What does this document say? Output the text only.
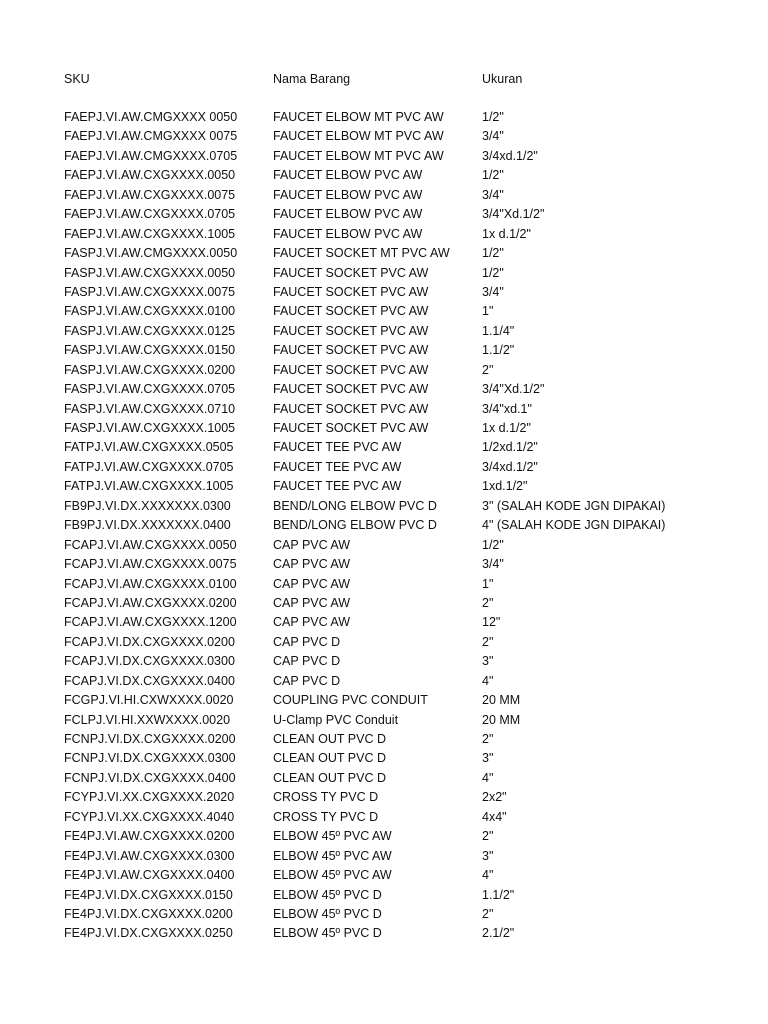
SKU	Nama Barang	Ukuran
FAEPJ.VI.AW.CMGXXXX 0050	FAUCET ELBOW MT PVC AW	1/2"
FAEPJ.VI.AW.CMGXXXX 0075	FAUCET ELBOW MT PVC AW	3/4"
FAEPJ.VI.AW.CMGXXXX.0705	FAUCET ELBOW MT PVC AW	3/4xd.1/2"
FAEPJ.VI.AW.CXGXXXX.0050	FAUCET ELBOW PVC AW	1/2"
FAEPJ.VI.AW.CXGXXXX.0075	FAUCET ELBOW PVC AW	3/4"
FAEPJ.VI.AW.CXGXXXX.0705	FAUCET ELBOW PVC AW	3/4"Xd.1/2"
FAEPJ.VI.AW.CXGXXXX.1005	FAUCET ELBOW PVC AW	1x d.1/2"
FASPJ.VI.AW.CMGXXXX.0050	FAUCET SOCKET MT PVC AW	1/2"
FASPJ.VI.AW.CXGXXXX.0050	FAUCET SOCKET PVC AW	1/2"
FASPJ.VI.AW.CXGXXXX.0075	FAUCET SOCKET PVC AW	3/4"
FASPJ.VI.AW.CXGXXXX.0100	FAUCET SOCKET PVC AW	1"
FASPJ.VI.AW.CXGXXXX.0125	FAUCET SOCKET PVC AW	1.1/4"
FASPJ.VI.AW.CXGXXXX.0150	FAUCET SOCKET PVC AW	1.1/2"
FASPJ.VI.AW.CXGXXXX.0200	FAUCET SOCKET PVC AW	2"
FASPJ.VI.AW.CXGXXXX.0705	FAUCET SOCKET PVC AW	3/4"Xd.1/2"
FASPJ.VI.AW.CXGXXXX.0710	FAUCET SOCKET PVC AW	3/4"xd.1"
FASPJ.VI.AW.CXGXXXX.1005	FAUCET SOCKET PVC AW	1x d.1/2"
FATPJ.VI.AW.CXGXXXX.0505	FAUCET TEE PVC AW	1/2xd.1/2"
FATPJ.VI.AW.CXGXXXX.0705	FAUCET TEE PVC AW	3/4xd.1/2"
FATPJ.VI.AW.CXGXXXX.1005	FAUCET TEE PVC AW	1xd.1/2"
FB9PJ.VI.DX.XXXXXXX.0300	BEND/LONG ELBOW PVC D	3" (SALAH KODE JGN DIPAKAI)
FB9PJ.VI.DX.XXXXXXX.0400	BEND/LONG ELBOW PVC D	4" (SALAH KODE JGN DIPAKAI)
FCAPJ.VI.AW.CXGXXXX.0050	CAP PVC AW	1/2"
FCAPJ.VI.AW.CXGXXXX.0075	CAP PVC AW	3/4"
FCAPJ.VI.AW.CXGXXXX.0100	CAP PVC AW	1"
FCAPJ.VI.AW.CXGXXXX.0200	CAP PVC AW	2"
FCAPJ.VI.AW.CXGXXXX.1200	CAP PVC AW	12"
FCAPJ.VI.DX.CXGXXXX.0200	CAP PVC D	2"
FCAPJ.VI.DX.CXGXXXX.0300	CAP PVC D	3"
FCAPJ.VI.DX.CXGXXXX.0400	CAP PVC D	4"
FCGPJ.VI.HI.CXWXXXX.0020	COUPLING PVC CONDUIT	20 MM
FCLPJ.VI.HI.XXWXXXX.0020	U-Clamp PVC Conduit	20 MM
FCNPJ.VI.DX.CXGXXXX.0200	CLEAN OUT PVC D	2"
FCNPJ.VI.DX.CXGXXXX.0300	CLEAN OUT PVC D	3"
FCNPJ.VI.DX.CXGXXXX.0400	CLEAN OUT PVC D	4"
FCYPJ.VI.XX.CXGXXXX.2020	CROSS TY PVC D	2x2"
FCYPJ.VI.XX.CXGXXXX.4040	CROSS TY PVC D	4x4"
FE4PJ.VI.AW.CXGXXXX.0200	ELBOW 45º PVC AW	2"
FE4PJ.VI.AW.CXGXXXX.0300	ELBOW 45º PVC AW	3"
FE4PJ.VI.AW.CXGXXXX.0400	ELBOW 45º PVC AW	4"
FE4PJ.VI.DX.CXGXXXX.0150	ELBOW 45º PVC D	1.1/2"
FE4PJ.VI.DX.CXGXXXX.0200	ELBOW 45º PVC D	2"
FE4PJ.VI.DX.CXGXXXX.0250	ELBOW 45º PVC D	2.1/2"
